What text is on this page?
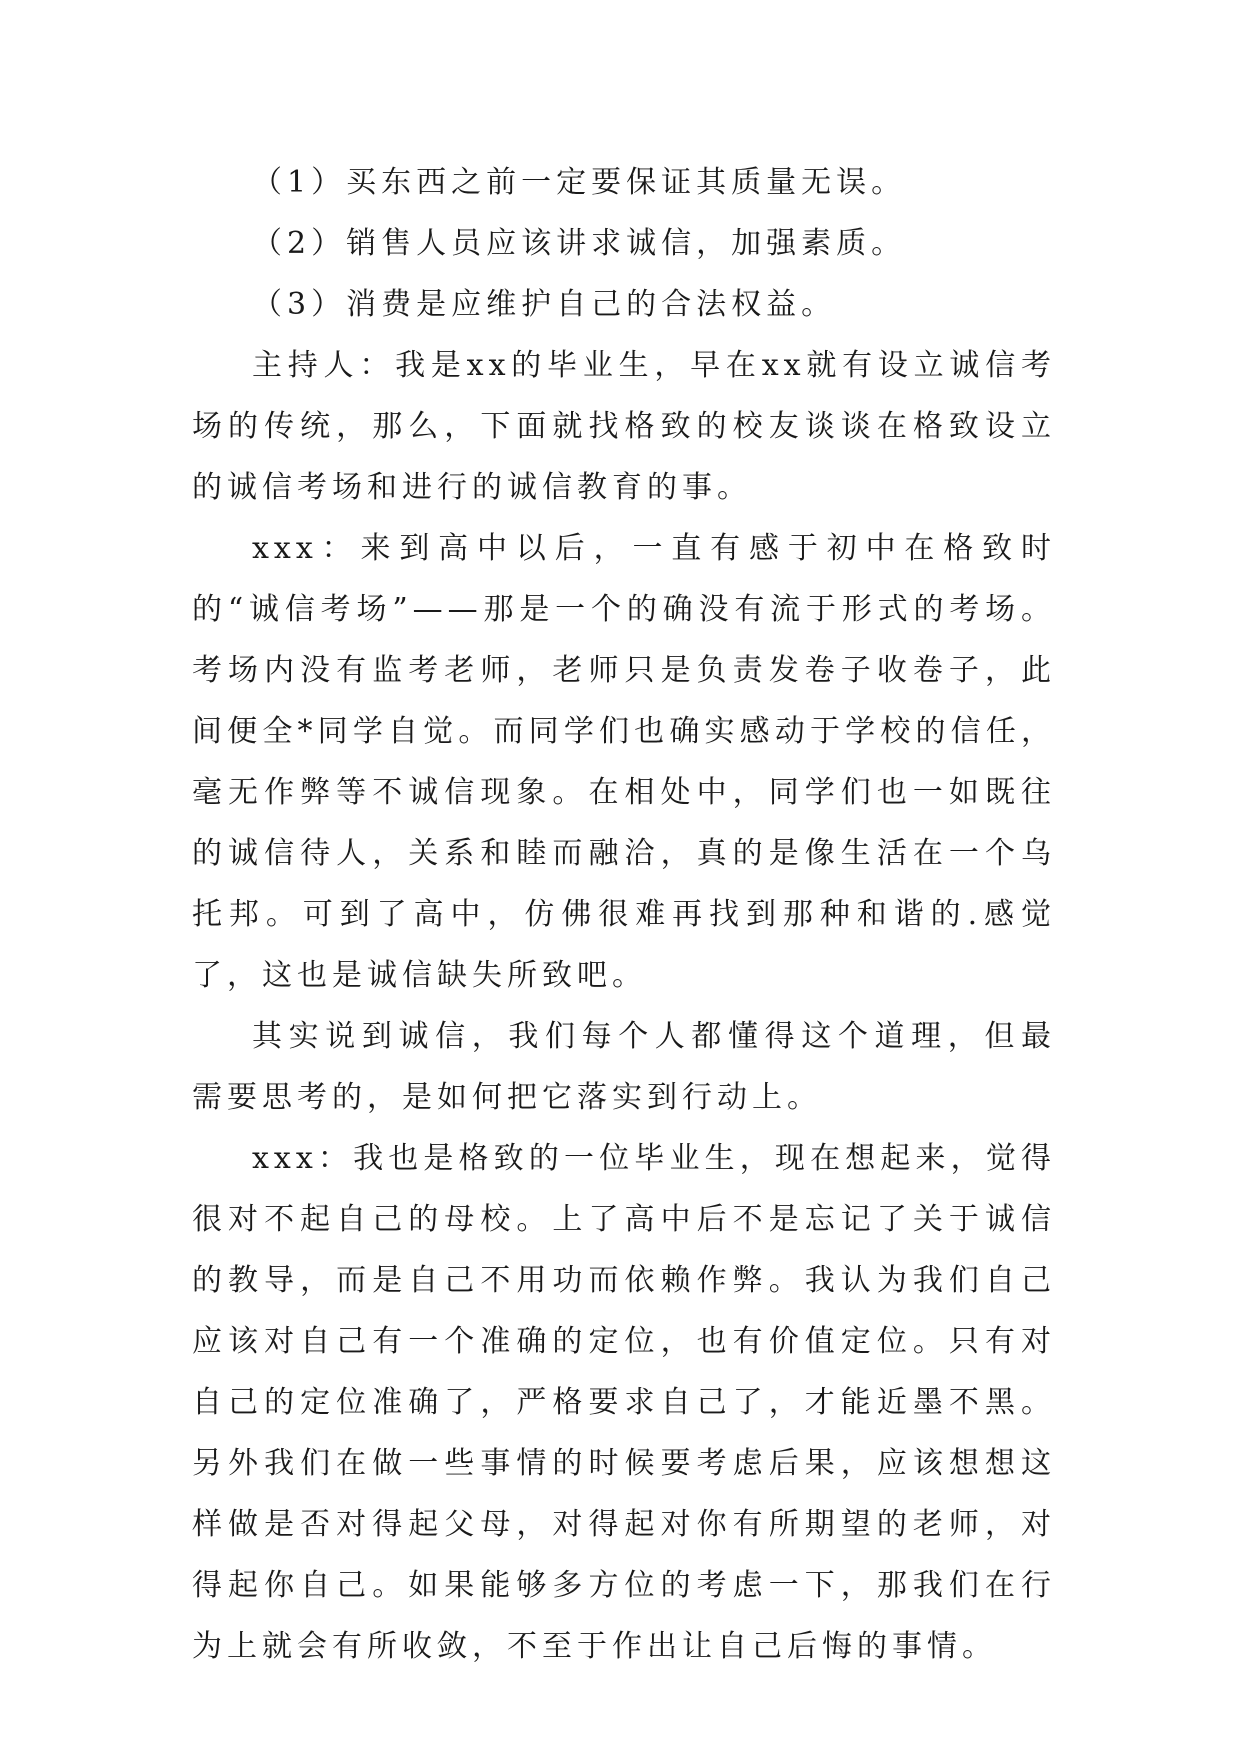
（1）买东西之前一定要保证其质量无误。

（2）销售人员应该讲求诚信，加强素质。

（3）消费是应维护自己的合法权益。

主持人：我是xx的毕业生，早在xx就有设立诚信考场的传统，那么，下面就找格致的校友谈谈在格致设立的诚信考场和进行的诚信教育的事。

xxx：来到高中以后，一直有感于初中在格致时的“诚信考场”——那是一个的确没有流于形式的考场。考场内没有监考老师，老师只是负责发卷子收卷子，此间便全*同学自觉。而同学们也确实感动于学校的信任，毫无作弊等不诚信现象。在相处中，同学们也一如既往的诚信待人，关系和睦而融洽，真的是像生活在一个乌托邦。可到了高中，仿佛很难再找到那种和谐的.感觉了，这也是诚信缺失所致吧。

其实说到诚信，我们每个人都懂得这个道理，但最需要思考的，是如何把它落实到行动上。

xxx：我也是格致的一位毕业生，现在想起来，觉得很对不起自己的母校。上了高中后不是忘记了关于诚信的教导，而是自己不用功而依赖作弊。我认为我们自己应该对自己有一个准确的定位，也有价值定位。只有对自己的定位准确了，严格要求自己了，才能近墨不黑。另外我们在做一些事情的时候要考虑后果，应该想想这样做是否对得起父母，对得起对你有所期望的老师，对得起你自己。如果能够多方位的考虑一下，那我们在行为上就会有所收敛，不至于作出让自己后悔的事情。
